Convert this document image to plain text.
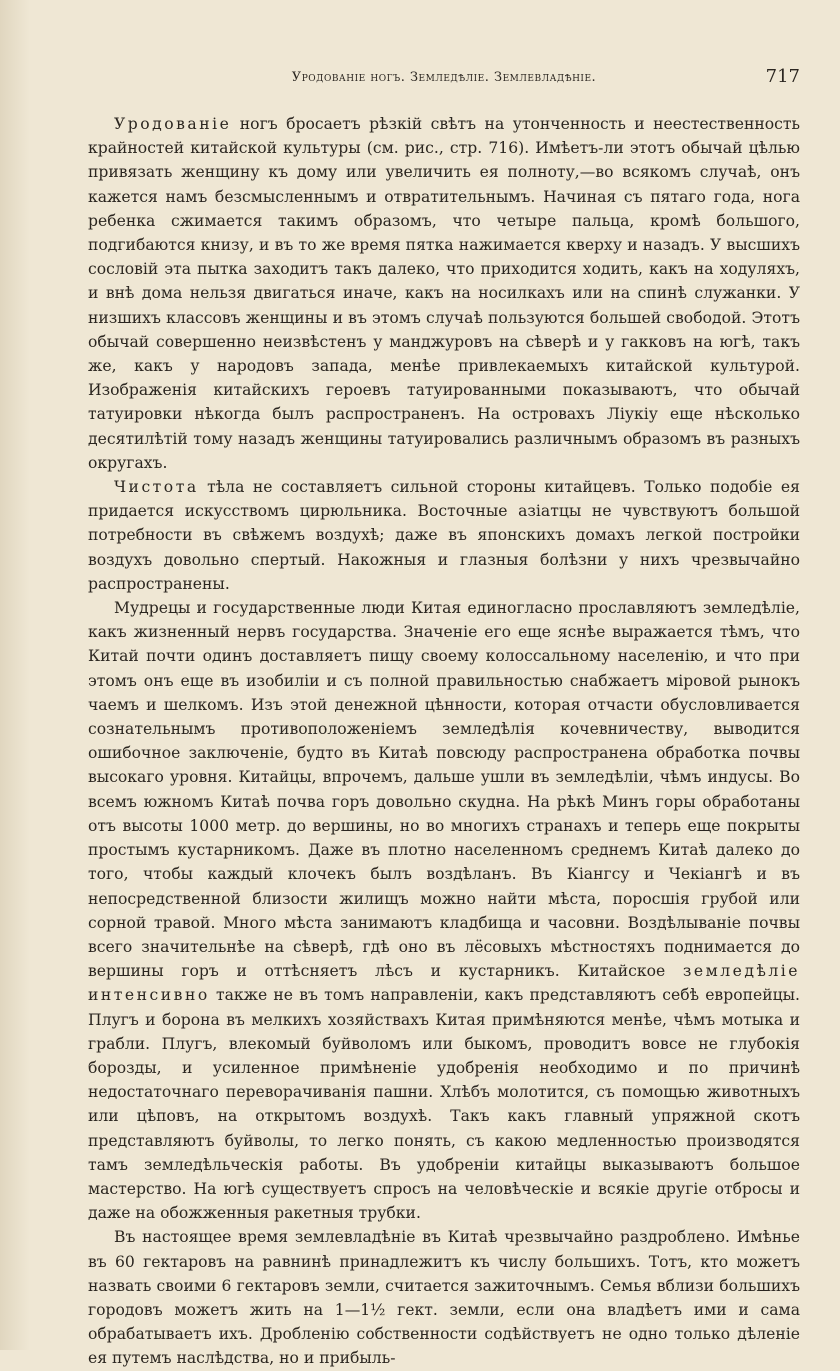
Уродованіе ногъ. Земледѣліе. Землевладѣніе.	717

Уродованіе ногъ бросаетъ рѣзкій свѣтъ на утонченность и неестественность крайностей китайской культуры (см. рис., стр. 716). Имѣетъ-ли этотъ обычай цѣлью привязать женщину къ дому или увеличить ея полноту,—во всякомъ случаѣ, онъ кажется намъ безсмысленнымъ и отвратительнымъ. Начиная съ пятаго года, нога ребенка сжимается такимъ образомъ, что четыре пальца, кромѣ большого, подгибаются книзу, и въ то же время пятка нажимается кверху и назадъ. У высшихъ сословій эта пытка заходитъ такъ далеко, что приходится ходить, какъ на ходуляхъ, и внѣ дома нельзя двигаться иначе, какъ на носилкахъ или на спинѣ служанки. У низшихъ классовъ женщины и въ этомъ случаѣ пользуются большей свободой. Этотъ обычай совершенно неизвѣстенъ у манджуровъ на сѣверѣ и у гакковъ на югѣ, такъ же, какъ у народовъ запада, менѣе привлекаемыхъ китайской культурой. Изображенія китайскихъ героевъ татуированными показываютъ, что обычай татуировки нѣкогда былъ распространенъ. На островахъ Ліукіу еще нѣсколько десятилѣтій тому назадъ женщины татуировались различнымъ образомъ въ разныхъ округахъ.

Чистота тѣла не составляетъ сильной стороны китайцевъ. Только подобіе ея придается искусствомъ цирюльника. Восточные азіатцы не чувствуютъ большой потребности въ свѣжемъ воздухѣ; даже въ японскихъ домахъ легкой постройки воздухъ довольно спертый. Накожныя и глазныя болѣзни у нихъ чрезвычайно распространены.

Мудрецы и государственные люди Китая единогласно прославляютъ земледѣліе, какъ жизненный нервъ государства. Значеніе его еще яснѣе выражается тѣмъ, что Китай почти одинъ доставляетъ пищу своему колоссальному населенію, и что при этомъ онъ еще въ изобиліи и съ полной правильностью снабжаетъ міровой рынокъ чаемъ и шелкомъ. Изъ этой денежной цѣнности, которая отчасти обусловливается сознательнымъ противоположеніемъ земледѣлія кочевничеству, выводится ошибочное заключеніе, будто въ Китаѣ повсюду распространена обработка почвы высокаго уровня. Китайцы, впрочемъ, дальше ушли въ земледѣліи, чѣмъ индусы. Во всемъ южномъ Китаѣ почва горъ довольно скудна. На рѣкѣ Минъ горы обработаны отъ высоты 1000 метр. до вершины, но во многихъ странахъ и теперь еще покрыты простымъ кустарникомъ. Даже въ плотно населенномъ среднемъ Китаѣ далеко до того, чтобы каждый клочекъ былъ воздѣланъ. Въ Кіангсу и Чекіангѣ и въ непосредственной близости жилищъ можно найти мѣста, поросшія грубой или сорной травой. Много мѣста занимаютъ кладбища и часовни. Воздѣлываніе почвы всего значительнѣе на сѣверѣ, гдѣ оно въ лёсовыхъ мѣстностяхъ поднимается до вершины горъ и оттѣсняетъ лѣсъ и кустарникъ. Китайское земледѣліе интенсивно также не въ томъ направленіи, какъ представляютъ себѣ европейцы. Плугъ и борона въ мелкихъ хозяйствахъ Китая примѣняются менѣе, чѣмъ мотыка и грабли. Плугъ, влекомый буйволомъ или быкомъ, проводитъ вовсе не глубокія борозды, и усиленное примѣненіе удобренія необходимо и по причинѣ недостаточнаго переворачиванія пашни. Хлѣбъ молотится, съ помощью животныхъ или цѣповъ, на открытомъ воздухѣ. Такъ какъ главный упряжной скотъ представляютъ буйволы, то легко понять, съ какою медленностью производятся тамъ земледѣльческія работы. Въ удобреніи китайцы выказываютъ большое мастерство. На югѣ существуетъ спросъ на человѣческіе и всякіе другіе отбросы и даже на обожженныя ракетныя трубки.

Въ настоящее время землевладѣніе въ Китаѣ чрезвычайно раздроблено. Имѣнье въ 60 гектаровъ на равнинѣ принадлежитъ къ числу большихъ. Тотъ, кто можетъ назвать своими 6 гектаровъ земли, считается зажиточнымъ. Семья вблизи большихъ городовъ можетъ жить на 1—1½ гект. земли, если она владѣетъ ими и сама обрабатываетъ ихъ. Дробленію собственности содѣйствуетъ не одно только дѣленіе ея путемъ наслѣдства, но и прибыль-
